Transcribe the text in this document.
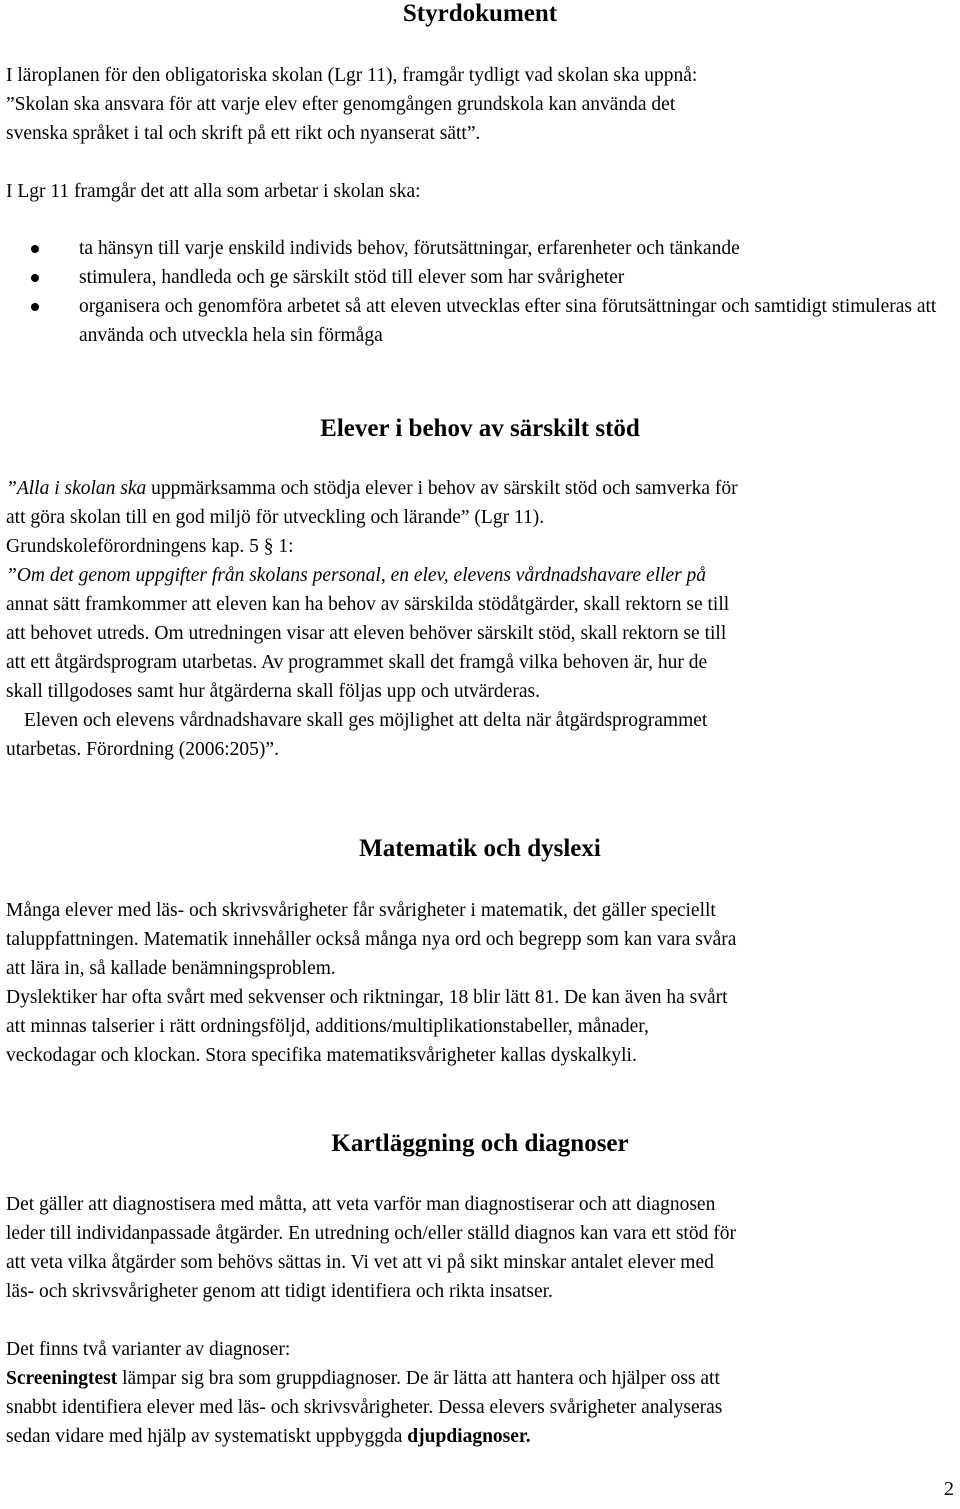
Styrdokument

I läroplanen för den obligatoriska skolan (Lgr 11), framgår tydligt vad skolan ska uppnå:
”Skolan ska ansvara för att varje elev efter genomgången grundskola kan använda det
svenska språket i tal och skrift på ett rikt och nyanserat sätt”.

I Lgr 11 framgår det att alla som arbetar i skolan ska:

ta hänsyn till varje enskild individs behov, förutsättningar, erfarenheter och tänkande
stimulera, handleda och ge särskilt stöd till elever som har svårigheter
organisera och genomföra arbetet så att eleven utvecklas efter sina förutsättningar och samtidigt stimuleras att använda och utveckla hela sin förmåga
Elever i behov av särskilt stöd

”Alla i skolan ska uppmärksamma och stödja elever i behov av särskilt stöd och samverka för
att göra skolan till en god miljö för utveckling och lärande” (Lgr 11).
Grundskoleförordningens kap. 5 § 1:
”Om det genom uppgifter från skolans personal, en elev, elevens vårdnadshavare eller på
annat sätt framkommer att eleven kan ha behov av särskilda stödåtgärder, skall rektorn se till
att behovet utreds. Om utredningen visar att eleven behöver särskilt stöd, skall rektorn se till
att ett åtgärdsprogram utarbetas. Av programmet skall det framgå vilka behoven är, hur de
skall tillgodoses samt hur åtgärderna skall följas upp och utvärderas.
Eleven och elevens vårdnadshavare skall ges möjlighet att delta när åtgärdsprogrammet
utarbetas. Förordning (2006:205)”.

Matematik och dyslexi

Många elever med läs- och skrivsvårigheter får svårigheter i matematik, det gäller speciellt
taluppfattningen. Matematik innehåller också många nya ord och begrepp som kan vara svåra
att lära in, så kallade benämningsproblem.
Dyslektiker har ofta svårt med sekvenser och riktningar, 18 blir lätt 81. De kan även ha svårt
att minnas talserier i rätt ordningsföljd, additions/multiplikationstabeller, månader,
veckodagar och klockan. Stora specifika matematiksvårigheter kallas dyskalkyli.

Kartläggning och diagnoser

Det gäller att diagnostisera med måtta, att veta varför man diagnostiserar och att diagnosen
leder till individanpassade åtgärder. En utredning och/eller ställd diagnos kan vara ett stöd för
att veta vilka åtgärder som behövs sättas in. Vi vet att vi på sikt minskar antalet elever med
läs- och skrivsvårigheter genom att tidigt identifiera och rikta insatser.

Det finns två varianter av diagnoser:
Screeningtest lämpar sig bra som gruppdiagnoser. De är lätta att hantera och hjälper oss att
snabbt identifiera elever med läs- och skrivsvårigheter. Dessa elevers svårigheter analyseras
sedan vidare med hjälp av systematiskt uppbyggda djupdiagnoser.

2
